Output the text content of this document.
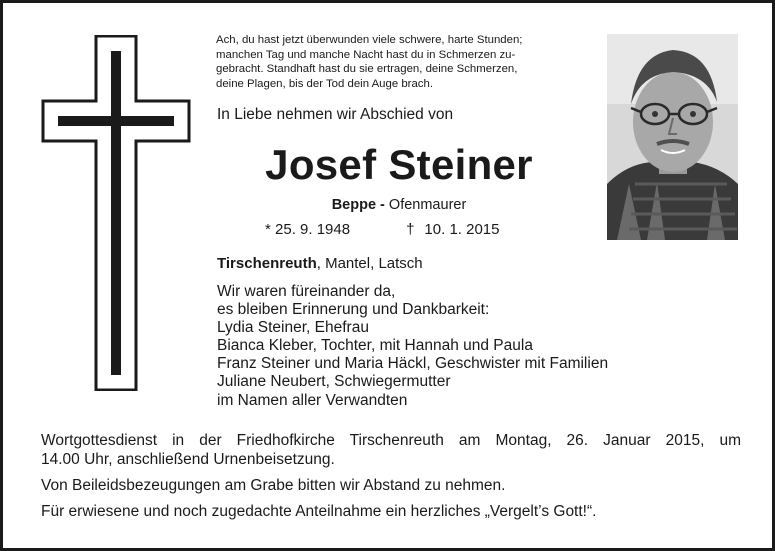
Ach, du hast jetzt überwunden viele schwere, harte Stunden;
manchen Tag und manche Nacht hast du in Schmerzen zu-
gebracht. Standhaft hast du sie ertragen, deine Schmerzen,
deine Plagen, bis der Tod dein Auge brach.
In Liebe nehmen wir Abschied von
Josef Steiner
Beppe - Ofenmaurer
* 25. 9. 1948	† 10. 1. 2015
Tirschenreuth, Mantel, Latsch
Wir waren füreinander da,
es bleiben Erinnerung und Dankbarkeit:
Lydia Steiner, Ehefrau
Bianca Kleber, Tochter, mit Hannah und Paula
Franz Steiner und Maria Häckl, Geschwister mit Familien
Juliane Neubert, Schwiegermutter
im Namen aller Verwandten
Wortgottesdienst in der Friedhofkirche Tirschenreuth am Montag, 26. Januar 2015, um
14.00 Uhr, anschließend Urnenbeisetzung.
Von Beileidsbezeugungen am Grabe bitten wir Abstand zu nehmen.
Für erwiesene und noch zugedachte Anteilnahme ein herzliches „Vergelt’s Gott!“.
